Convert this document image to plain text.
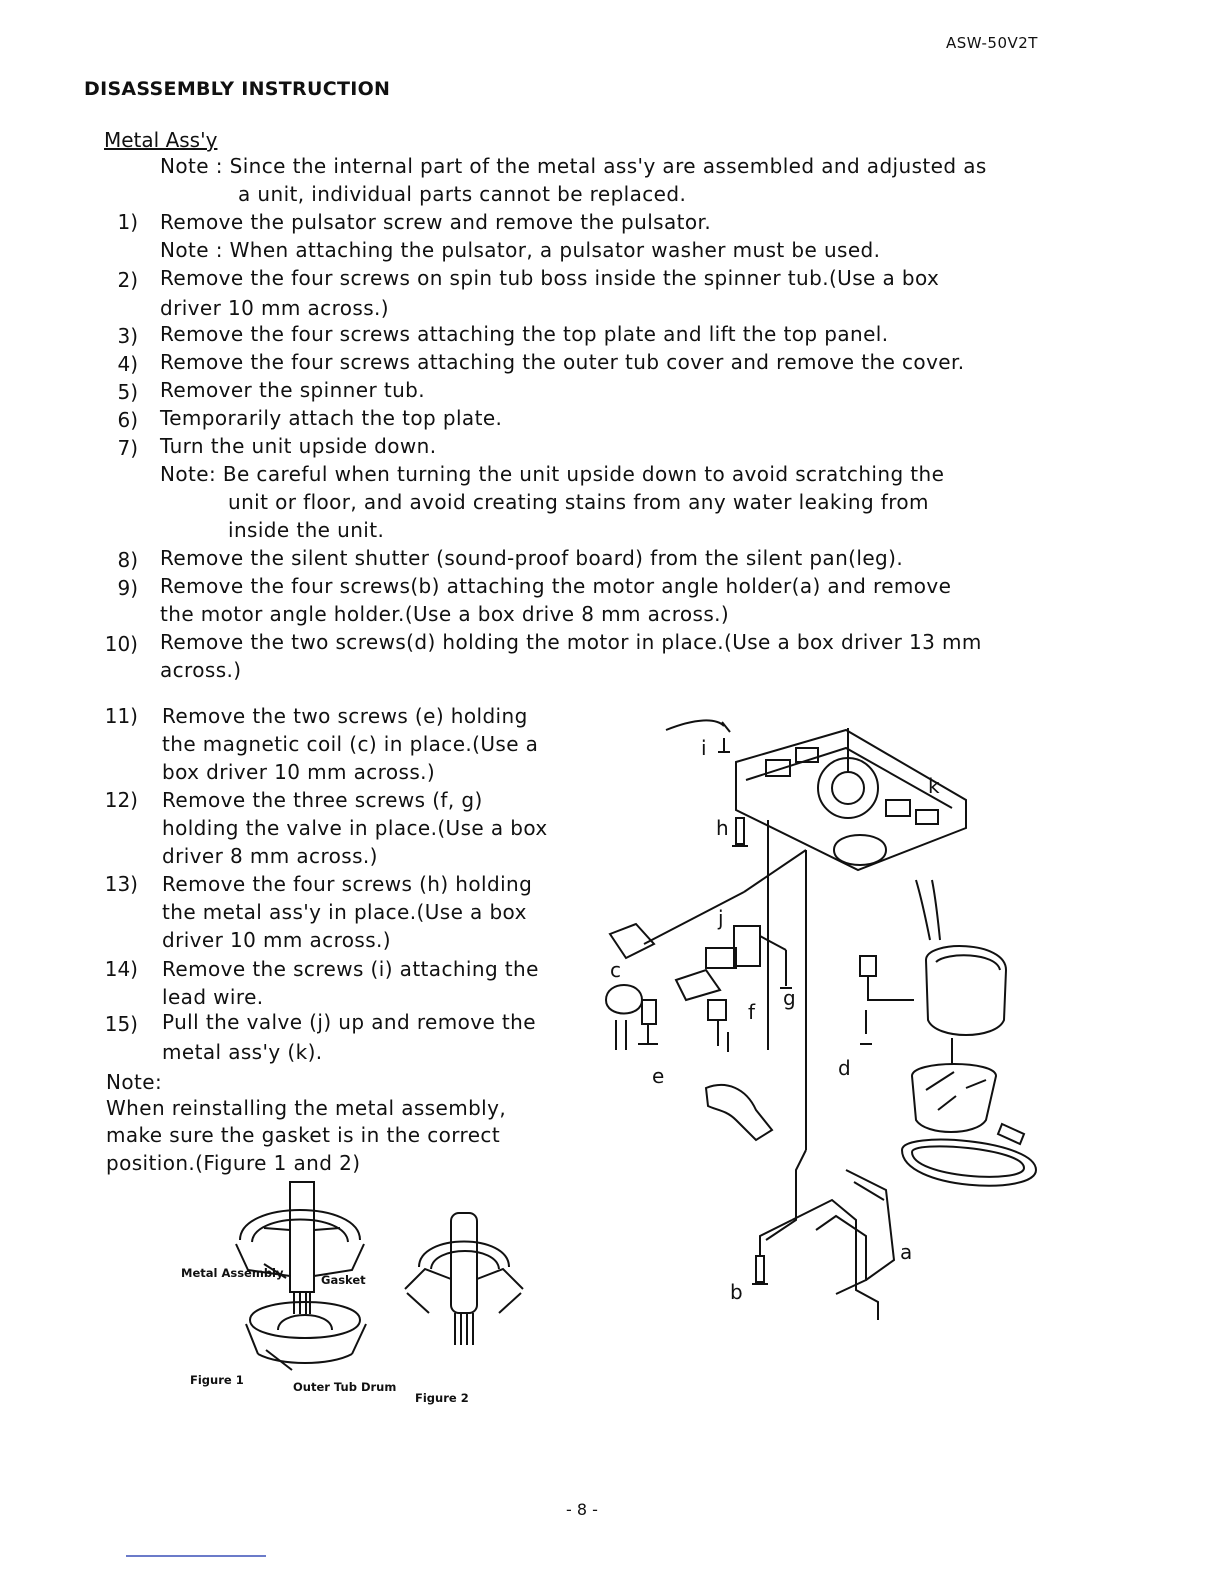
ASW-50V2T
DISASSEMBLY INSTRUCTION
Metal Ass'y
Note : Since the internal part of the metal ass'y are assembled and adjusted as
a unit, individual parts cannot be replaced.
1) Remove the pulsator screw and remove the pulsator.
Note : When attaching the pulsator, a pulsator washer must be used.
2) Remove the four screws on spin tub boss inside the spinner tub.(Use a box
driver 10 mm across.)
3) Remove the four screws attaching the top plate and lift the top panel.
4) Remove the four screws attaching the outer tub cover and remove the cover.
5) Remover the spinner tub.
6) Temporarily attach the top plate.
7) Turn the unit upside down.
Note: Be careful when turning the unit upside down to avoid scratching the
unit or floor, and avoid creating stains from any water leaking from
inside the unit.
8) Remove the silent shutter (sound-proof board) from the silent pan(leg).
9) Remove the four screws(b) attaching the motor angle holder(a) and remove
the motor angle holder.(Use a box drive 8 mm across.)
10) Remove the two screws(d) holding the motor in place.(Use a box driver 13 mm
across.)
11) Remove the two screws (e) holding
the magnetic coil (c) in place.(Use a
box driver 10 mm across.)
12) Remove the three screws (f, g)
holding the valve in place.(Use a box
driver 8 mm across.)
13) Remove the four screws (h) holding
the metal ass'y in place.(Use a box
driver 10 mm across.)
14) Remove the screws (i) attaching the
lead wire.
15) Pull the valve (j) up and remove the
metal ass'y (k).
Note:
When reinstalling the metal assembly,
make sure the gasket is in the correct
position.(Figure 1 and 2)
Metal Assembly	Gasket
Figure 1	Outer Tub Drum
Figure 2
i
k
h
j
c
g
f
d
e
a
b
- 8 -
